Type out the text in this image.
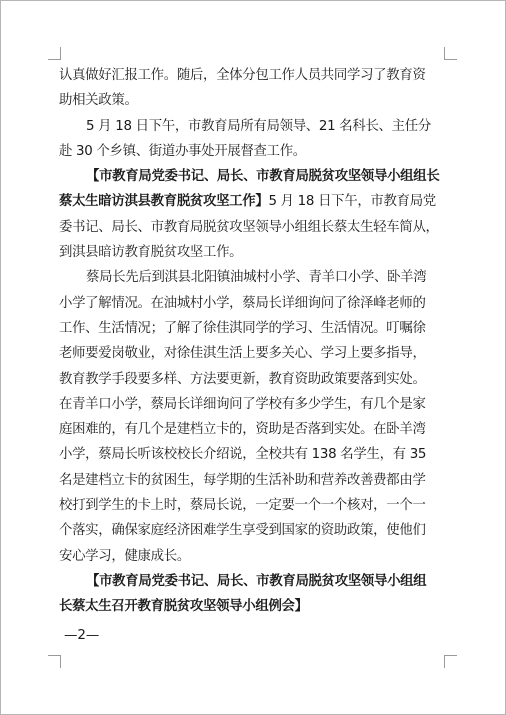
认真做好汇报工作。随后，全体分包工作人员共同学习了教育资
助相关政策。
5 月 18 日下午，市教育局所有局领导、21 名科长、主任分
赴 30 个乡镇、街道办事处开展督查工作。
【市教育局党委书记、局长、市教育局脱贫攻坚领导小组组长
蔡太生暗访淇县教育脱贫攻坚工作】5 月 18 日下午，市教育局党
委书记、局长、市教育局脱贫攻坚领导小组组长蔡太生轻车简从，
到淇县暗访教育脱贫攻坚工作。
蔡局长先后到淇县北阳镇油城村小学、青羊口小学、卧羊湾
小学了解情况。在油城村小学，蔡局长详细询问了徐泽峰老师的
工作、生活情况；了解了徐佳淇同学的学习、生活情况。叮嘱徐
老师要爱岗敬业，对徐佳淇生活上要多关心、学习上要多指导，
教育教学手段要多样、方法要更新，教育资助政策要落到实处。
在青羊口小学，蔡局长详细询问了学校有多少学生，有几个是家
庭困难的，有几个是建档立卡的，资助是否落到实处。在卧羊湾
小学，蔡局长听该校校长介绍说，全校共有 138 名学生，有 35
名是建档立卡的贫困生，每学期的生活补助和营养改善费都由学
校打到学生的卡上时，蔡局长说，一定要一个一个核对，一个一
个落实，确保家庭经济困难学生享受到国家的资助政策，使他们
安心学习，健康成长。
【市教育局党委书记、局长、市教育局脱贫攻坚领导小组组
长蔡太生召开教育脱贫攻坚领导小组例会】
—2—
